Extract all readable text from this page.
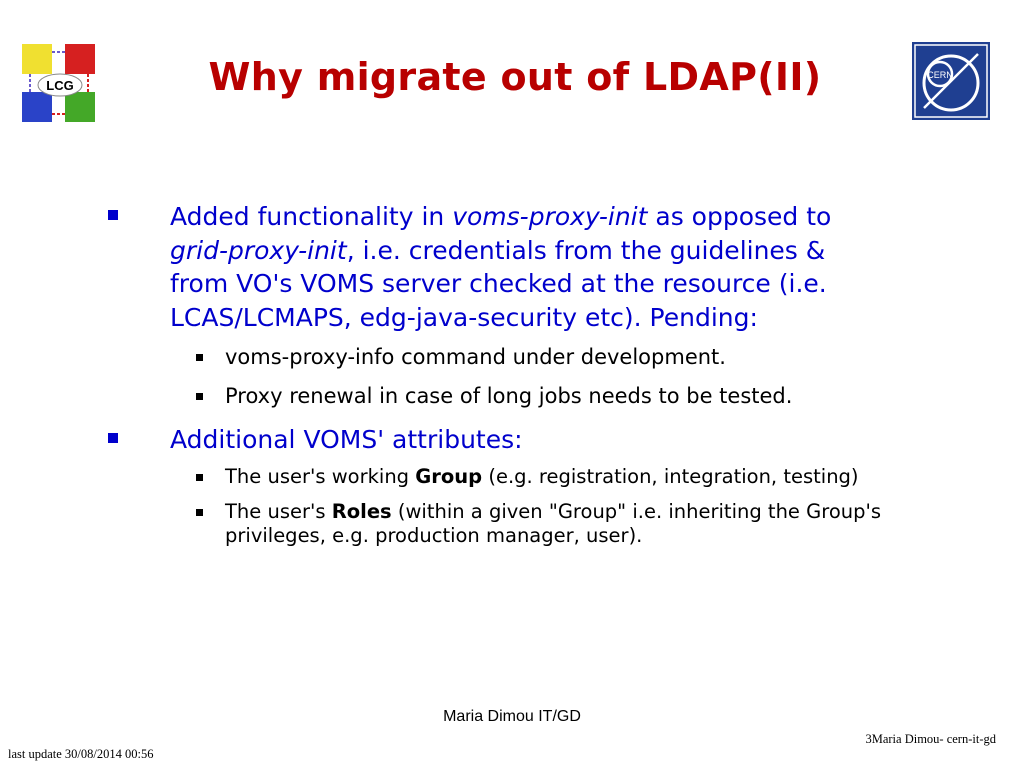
LCG	Why migrate out of LDAP(II)	CERN
Added functionality in voms-proxy-init as opposed to grid-proxy-init, i.e. credentials from the guidelines & from VO's VOMS server checked at the resource (i.e. LCAS/LCMAPS, edg-java-security etc). Pending:
voms-proxy-info command under development.
Proxy renewal in case of long jobs needs to be tested.
Additional VOMS' attributes:
The user's working Group (e.g. registration, integration, testing)
The user's Roles (within a given "Group" i.e. inheriting the Group's privileges, e.g. production manager, user).
Maria Dimou IT/GD
3Maria Dimou- cern-it-gd
last update 30/08/2014 00:56
